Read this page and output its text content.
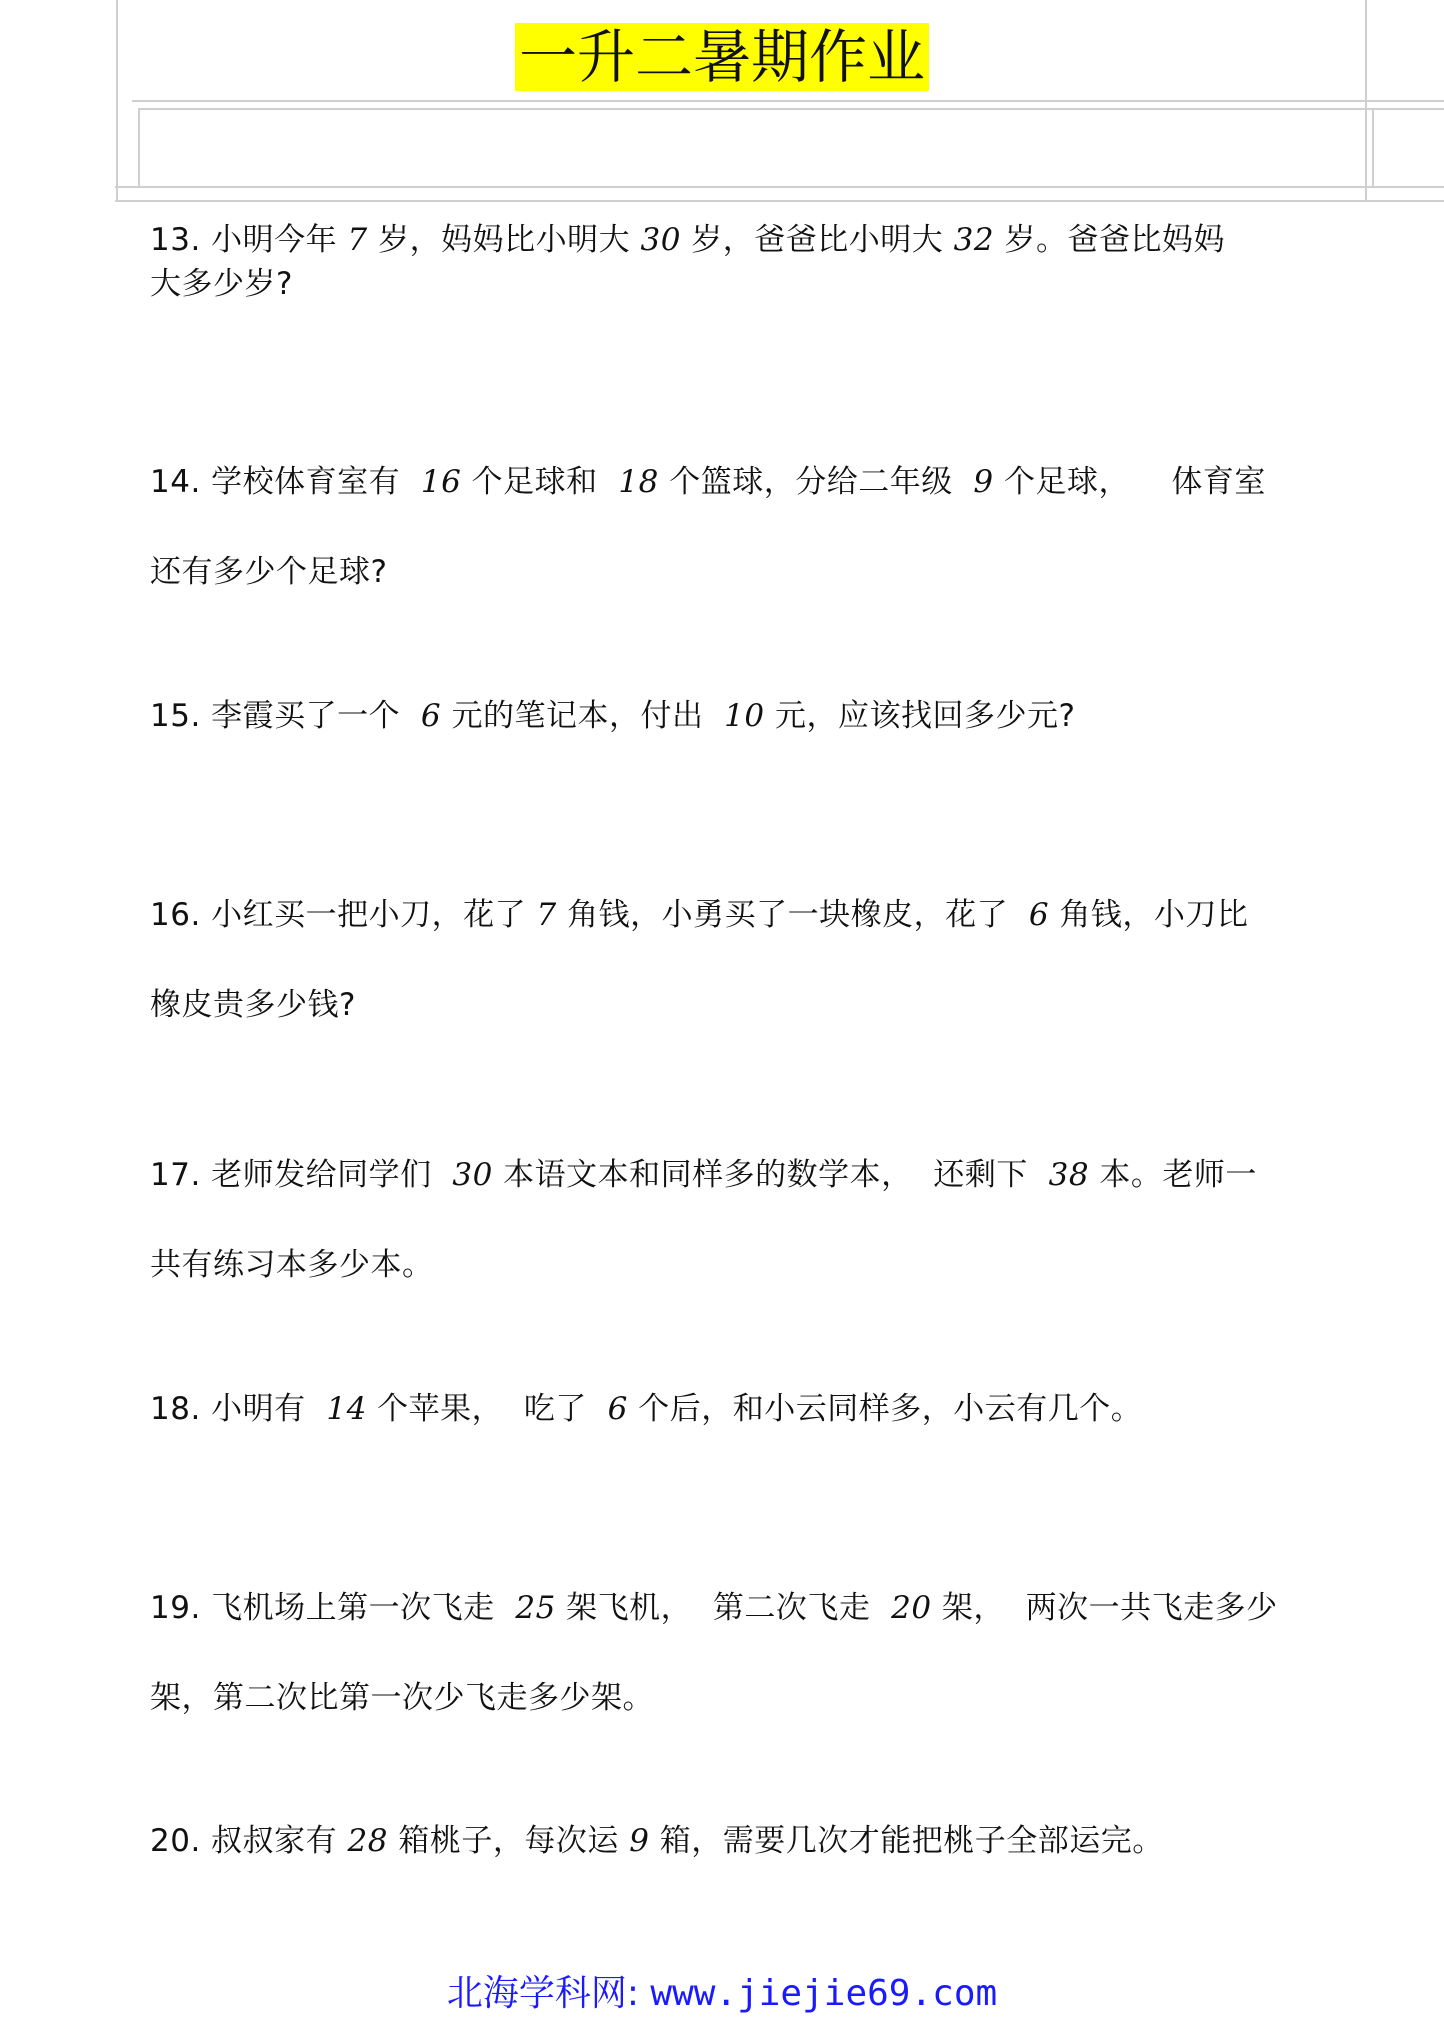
一升二暑期作业
13. 小明今年 7 岁，妈妈比小明大 30 岁，爸爸比小明大 32 岁。爸爸比妈妈
大多少岁?
14. 学校体育室有  16 个足球和  18 个篮球，分给二年级  9 个足球，    体育室
还有多少个足球?
15. 李霞买了一个  6 元的笔记本，付出  10 元，应该找回多少元?
16. 小红买一把小刀，花了 7 角钱，小勇买了一块橡皮，花了  6 角钱，小刀比
橡皮贵多少钱?
17. 老师发给同学们  30 本语文本和同样多的数学本，  还剩下  38 本。老师一
共有练习本多少本。
18. 小明有  14 个苹果，  吃了  6 个后，和小云同样多，小云有几个。
19. 飞机场上第一次飞走  25 架飞机，  第二次飞走  20 架，  两次一共飞走多少
架，第二次比第一次少飞走多少架。
20. 叔叔家有 28 箱桃子，每次运 9 箱，需要几次才能把桃子全部运完。
北海学科网: www.jiejie69.com
